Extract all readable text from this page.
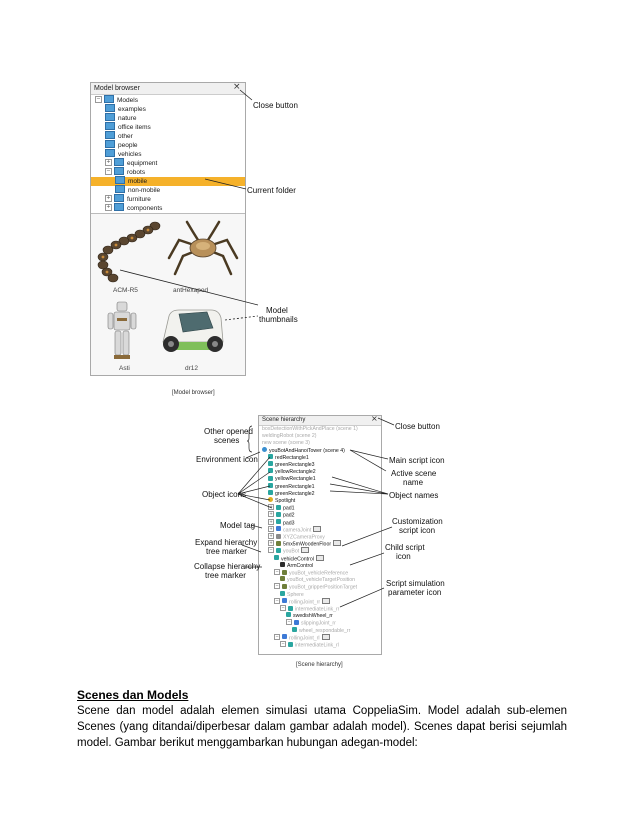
Model browser	×
−	Models
examples
nature
office items
other
people
vehicles
+	equipment
−	robots
mobile
non-mobile
+	furniture
+	components
ACM-R5	antHexapod
Asti	dr12
Close button
Current folder
Model
thumbnails
[Model browser]
Scene hierarchy	×
boxDetectionWithPickAndPlace (scene 1)
weldingRobot (scene 2)
new scene (scene 3)
youBotAndHanoiTower (scene 4)
redRectangle1
greenRectangle3
yellowRectangle2
yellowRectangle1
greenRectangle1
greenRectangle2
Spotlight
+ pad1
+ pad2
+ pad3
+ cameraJoint
+ XYZCameraProxy
+ 5mx5mWoodenFloor
− youBot
vehicleControl
ArmControl
− youBot_vehicleReference
youBot_vehicleTargetPosition
− youBot_gripperPositionTarget
Sphere
− rollingJoint_rr
− intermediateLink_rr
swedishWheel_rr
− slippingJoint_rr
wheel_respondable_rr
− rollingJoint_rl
− intermediateLink_rl
Other opened
scenes
Environment icon
Object icons
Model tag
Expand hierarchy
tree marker
Collapse hierarchy
tree marker
Close button
Main script icon
Active scene
name
Object names
Customization
script icon
Child script
icon
Script simulation
parameter icon
[Scene hierarchy]
Scenes dan Models
Scene dan model adalah elemen simulasi utama CoppeliaSim. Model adalah sub-elemen Scenes (yang ditandai/diperbesar dalam gambar adalah model). Scenes dapat berisi sejumlah model. Gambar berikut menggambarkan hubungan adegan-model:
